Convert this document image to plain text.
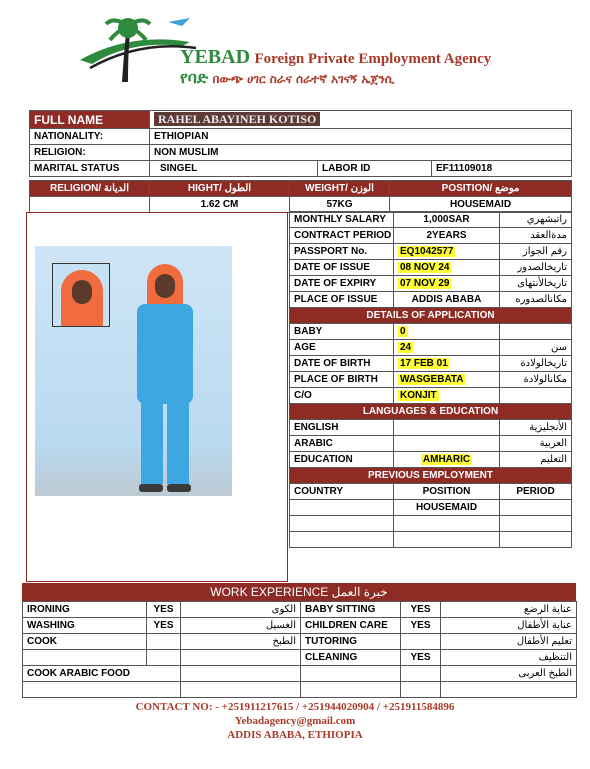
YEBAD Foreign Private Employment Agency
የባድ በውጭ ሀገር ስራና ሰራተኛ አገናኝ ኤጀንሲ
FULL NAME	RAHEL ABAYINEH KOTISO		
NATIONALITY:	ETHIOPIAN		
RELIGION:	NON MUSLIM		
MARITAL STATUS	SINGEL	LABOR ID	EF11109018
RELIGION/ الديانة	HIGHT/ الطول	WEIGHT/ الوزن	POSITION/ موضع
	1.62 CM	57KG	HOUSEMAID
MONTHLY SALARY	1,000SAR	راتبشهري
CONTRACT PERIOD	2YEARS	مدةالعقد
PASSPORT No.	EQ1042577	رقم الجواز
DATE OF ISSUE	08 NOV 24	تاريخالصدور
DATE OF EXPIRY	07 NOV 29	تاريخالأنتهاى
PLACE OF ISSUE	ADDIS ABABA	مكانالصدوره
DETAILS OF APPLICATION		
BABY	0	
AGE	24	سن
DATE OF BIRTH	17 FEB 01	تاريخالولادة
PLACE OF BIRTH	WASGEBATA	مكانالولادة
C/O	KONJIT	
LANGUAGES & EDUCATION		
ENGLISH		الأنجليزية
ARABIC		العربية
EDUCATION	AMHARIC	التعليم
PREVIOUS EMPLOYMENT		
COUNTRY	POSITION	PERIOD
	HOUSEMAID	

WORK EXPERIENCE خبرة العمل
IRONING	YES	الكوى	BABY SITTING	YES	عناية الرضع
WASHING	YES	الغسيل	CHILDREN CARE	YES	عناية الأطفال
COOK		الطبخ	TUTORING		تعليم الأطفال
			CLEANING	YES	التنظيف
COOK ARABIC FOOD					الطبخ العربى

CONTACT NO: - +251911217615 / +251944020904 / +251911584896
Yebadagency@gmail.com
ADDIS ABABA, ETHIOPIA
